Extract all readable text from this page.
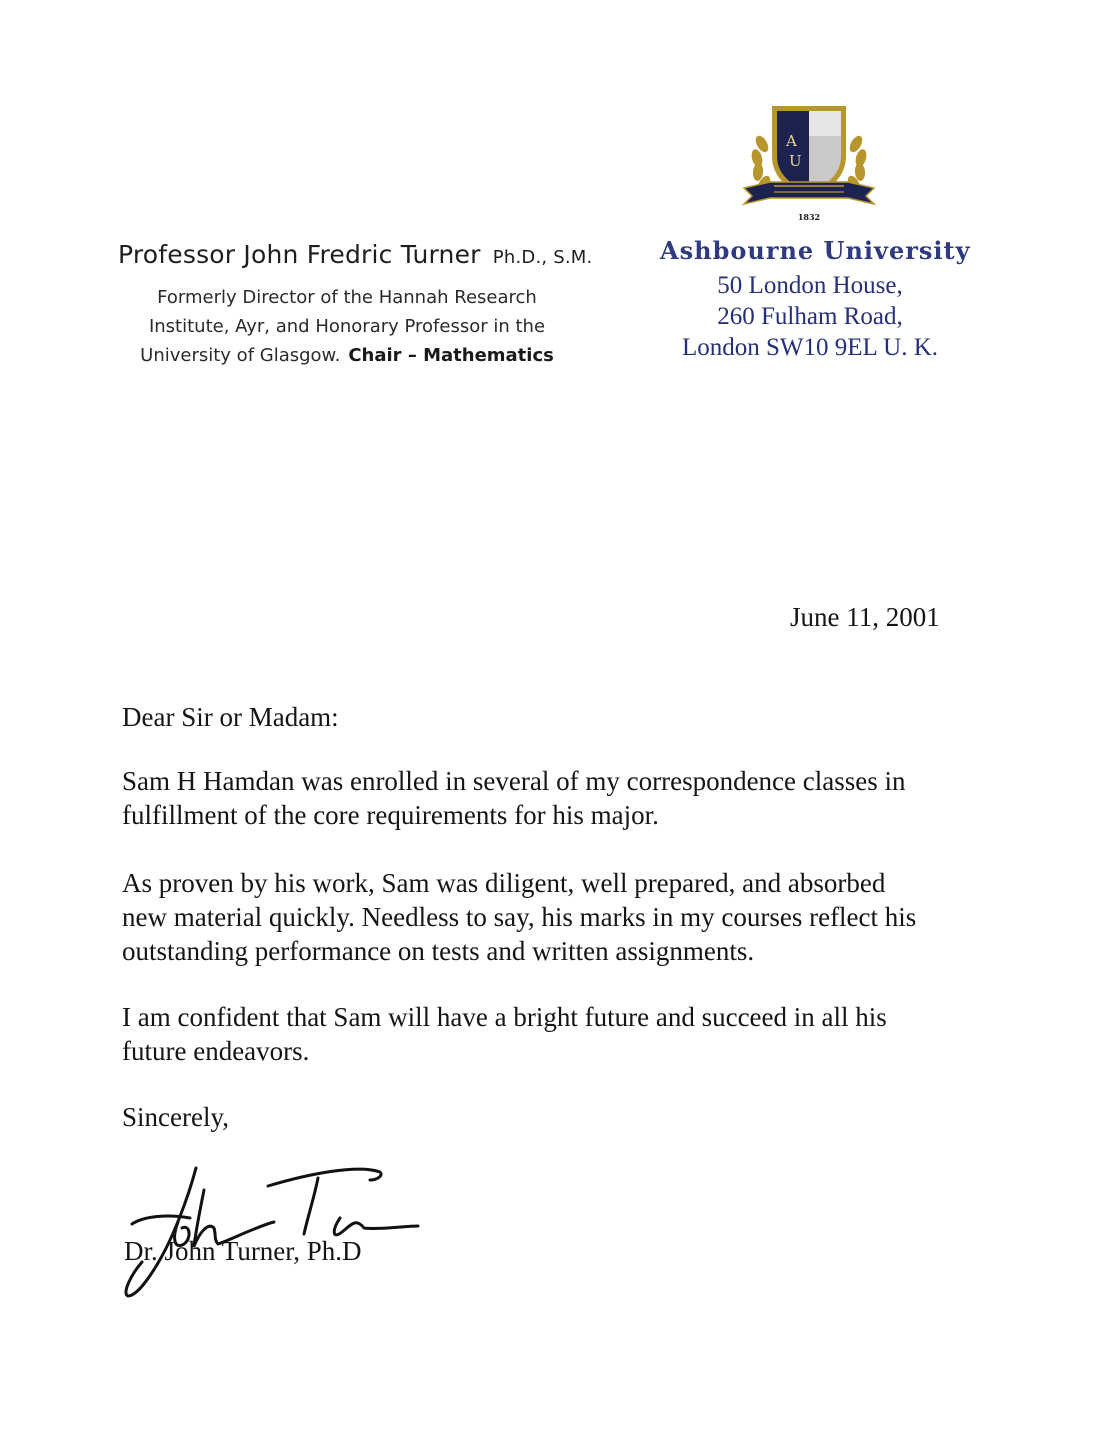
Professor John Fredric Turner Ph.D., S.M.
Formerly Director of the Hannah Research
Institute, Ayr, and Honorary Professor in the
University of Glasgow. Chair – Mathematics
A
U
1832
Ashbourne University
50 London House,
260 Fulham Road,
London SW10 9EL U. K.
June 11, 2001
Dear Sir or Madam:
Sam H Hamdan was enrolled in several of my correspondence classes in
fulfillment of the core requirements for his major.
As proven by his work, Sam was diligent, well prepared, and absorbed
new material quickly. Needless to say, his marks in my courses reflect his
outstanding performance on tests and written assignments.
I am confident that Sam will have a bright future and succeed in all his
future endeavors.
Sincerely,
Dr. John Turner, Ph.D
